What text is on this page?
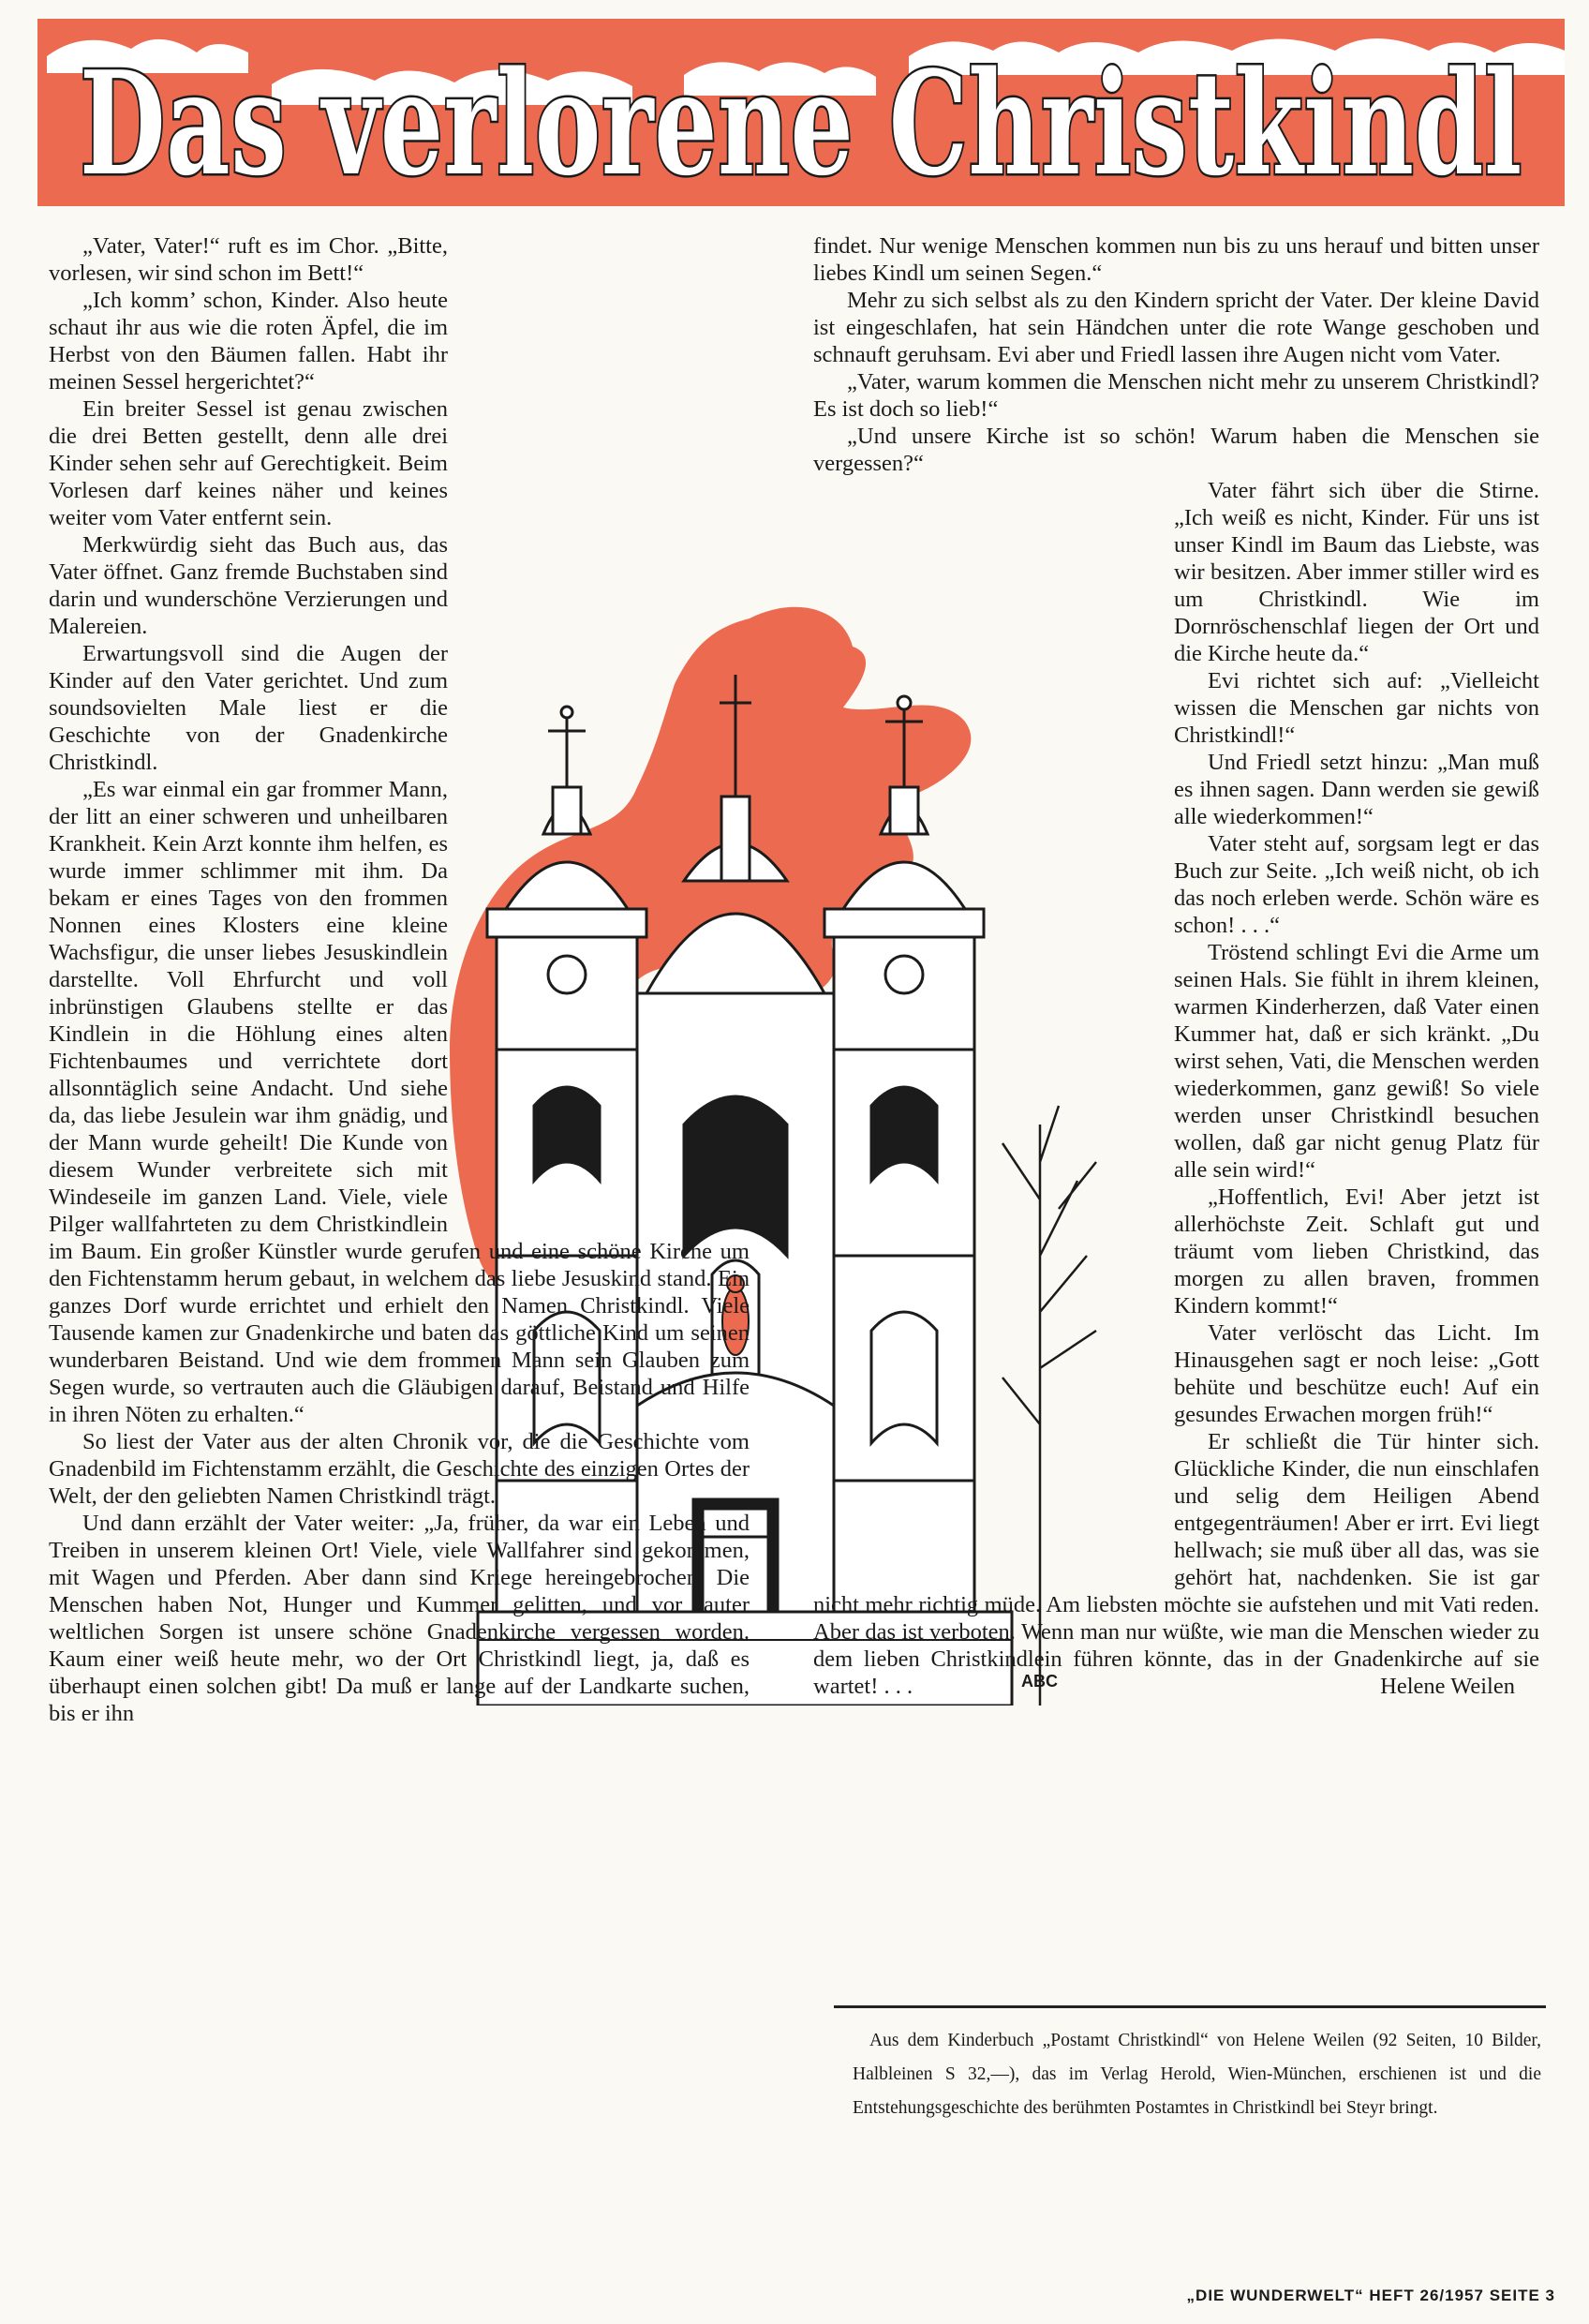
Das verlorene Christkindl
ABC

„Vater, Vater!“ ruft es im Chor. „Bitte, vorlesen, wir sind schon im Bett!“

„Ich komm’ schon, Kinder. Also heute schaut ihr aus wie die roten Äpfel, die im Herbst von den Bäumen fallen. Habt ihr meinen Sessel hergerichtet?“

Ein breiter Sessel ist genau zwischen die drei Betten gestellt, denn alle drei Kinder sehen sehr auf Gerechtigkeit. Beim Vorlesen darf keines näher und keines weiter vom Vater entfernt sein.

Merkwürdig sieht das Buch aus, das Vater öffnet. Ganz fremde Buchstaben sind darin und wunderschöne Verzierungen und Malereien.

Erwartungsvoll sind die Augen der Kinder auf den Vater gerichtet. Und zum soundsovielten Male liest er die Geschichte von der Gnadenkirche Christkindl.

„Es war einmal ein gar frommer Mann, der litt an einer schweren und unheilbaren Krankheit. Kein Arzt konnte ihm helfen, es wurde immer schlimmer mit ihm. Da bekam er eines Tages von den frommen Nonnen eines Klosters eine kleine Wachsfigur, die unser liebes Jesuskindlein darstellte. Voll Ehrfurcht und voll inbrünstigen Glaubens stellte er das Kindlein in die Höhlung eines alten Fichtenbaumes und verrichtete dort allsonntäglich seine Andacht. Und siehe da, das liebe Jesulein war ihm gnädig, und der Mann wurde geheilt! Die Kunde von diesem Wunder verbreitete sich mit Windeseile im ganzen Land. Viele, viele Pilger wallfahrteten zu dem Christkindlein im Baum. Ein großer Künstler wurde gerufen und eine schöne Kirche um den Fichtenstamm herum gebaut, in welchem das liebe Jesuskind stand. Ein ganzes Dorf wurde errichtet und erhielt den Namen Christkindl. Viele Tausende kamen zur Gnadenkirche und baten das göttliche Kind um seinen wunderbaren Beistand. Und wie dem frommen Mann sein Glauben zum Segen wurde, so vertrauten auch die Gläubigen darauf, Beistand und Hilfe in ihren Nöten zu erhalten.“

So liest der Vater aus der alten Chronik vor, die die Geschichte vom Gnadenbild im Fichtenstamm erzählt, die Geschichte des einzigen Ortes der Welt, der den geliebten Namen Christkindl trägt.

Und dann erzählt der Vater weiter: „Ja, früher, da war ein Leben und Treiben in unserem kleinen Ort! Viele, viele Wallfahrer sind gekommen, mit Wagen und Pferden. Aber dann sind Kriege hereingebrochen. Die Menschen haben Not, Hunger und Kummer gelitten, und vor lauter weltlichen Sorgen ist unsere schöne Gnadenkirche vergessen worden. Kaum einer weiß heute mehr, wo der Ort Christkindl liegt, ja, daß es überhaupt einen solchen gibt! Da muß er lange auf der Landkarte suchen, bis er ihn

findet. Nur wenige Menschen kommen nun bis zu uns herauf und bitten unser liebes Kindl um seinen Segen.“

Mehr zu sich selbst als zu den Kindern spricht der Vater. Der kleine David ist eingeschlafen, hat sein Händchen unter die rote Wange geschoben und schnauft geruhsam. Evi aber und Friedl lassen ihre Augen nicht vom Vater.

„Vater, warum kommen die Menschen nicht mehr zu unserem Christkindl? Es ist doch so lieb!“

„Und unsere Kirche ist so schön! Warum haben die Menschen sie vergessen?“

Vater fährt sich über die Stirne. „Ich weiß es nicht, Kinder. Für uns ist unser Kindl im Baum das Liebste, was wir besitzen. Aber immer stiller wird es um Christkindl. Wie im Dornröschenschlaf liegen der Ort und die Kirche heute da.“

Evi richtet sich auf: „Vielleicht wissen die Menschen gar nichts von Christkindl!“

Und Friedl setzt hinzu: „Man muß es ihnen sagen. Dann werden sie gewiß alle wiederkommen!“

Vater steht auf, sorgsam legt er das Buch zur Seite. „Ich weiß nicht, ob ich das noch erleben werde. Schön wäre es schon! . . .“

Tröstend schlingt Evi die Arme um seinen Hals. Sie fühlt in ihrem kleinen, warmen Kinderherzen, daß Vater einen Kummer hat, daß er sich kränkt. „Du wirst sehen, Vati, die Menschen werden wiederkommen, ganz gewiß! So viele werden unser Christkindl besuchen wollen, daß gar nicht genug Platz für alle sein wird!“

„Hoffentlich, Evi! Aber jetzt ist allerhöchste Zeit. Schlaft gut und träumt vom lieben Christkind, das morgen zu allen braven, frommen Kindern kommt!“

Vater verlöscht das Licht. Im Hinausgehen sagt er noch leise: „Gott behüte und beschütze euch! Auf ein gesundes Erwachen morgen früh!“

Er schließt die Tür hinter sich. Glückliche Kinder, die nun einschlafen und selig dem Heiligen Abend entgegenträumen! Aber er irrt. Evi liegt hellwach; sie muß über all das, was sie gehört hat, nachdenken. Sie ist gar nicht mehr richtig müde. Am liebsten möchte sie aufstehen und mit Vati reden. Aber das ist verboten. Wenn man nur wüßte, wie man die Menschen wieder zu dem lieben Christkindlein führen könnte, das in der Gnadenkirche auf sie wartet! . . .	Helene Weilen

Aus dem Kinderbuch „Postamt Christkindl“ von Helene Weilen (92 Seiten, 10 Bilder, Halbleinen S 32,—), das im Verlag Herold, Wien-München, erschienen ist und die Entstehungsgeschichte des berühmten Postamtes in Christkindl bei Steyr bringt.

„DIE WUNDERWELT“ HEFT 26/1957 SEITE 3
